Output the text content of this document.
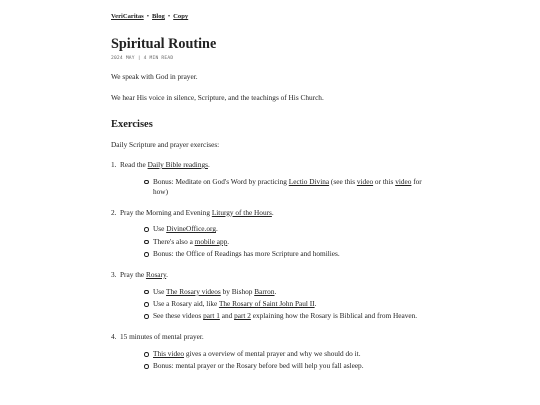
VeriCaritas • Blog • Copy
Spiritual Routine
2024 MAY | 4 MIN READ

We speak with God in prayer.

We hear His voice in silence, Scripture, and the teachings of His Church.

Exercises

Daily Scripture and prayer exercises:

1. Read the Daily Bible readings.
Bonus: Meditate on God's Word by practicing Lectio Divina (see this video or this video for how)
2. Pray the Morning and Evening Liturgy of the Hours.
Use DivineOffice.org.
There's also a mobile app.
Bonus: the Office of Readings has more Scripture and homilies.
3. Pray the Rosary.
Use The Rosary videos by Bishop Barron.
Use a Rosary aid, like The Rosary of Saint John Paul II.
See these videos part 1 and part 2 explaining how the Rosary is Biblical and from Heaven.
4. 15 minutes of mental prayer.
This video gives a overview of mental prayer and why we should do it.
Bonus: mental prayer or the Rosary before bed will help you fall asleep.
